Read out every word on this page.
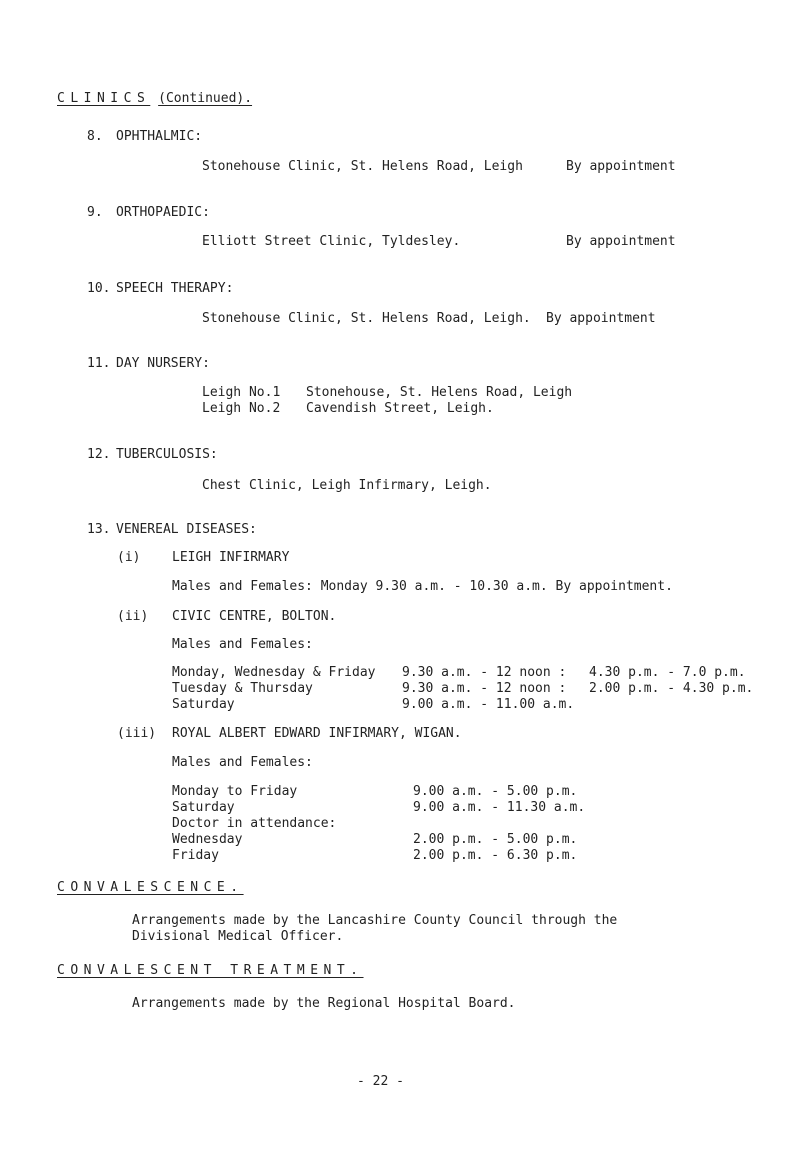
CLINICS (Continued).
8. OPHTHALMIC:
Stonehouse Clinic, St. Helens Road, Leigh	By appointment
9. ORTHOPAEDIC:
Elliott Street Clinic, Tyldesley.	By appointment
10. SPEECH THERAPY:
Stonehouse Clinic, St. Helens Road, Leigh. By appointment
11. DAY NURSERY:
Leigh No.1 Stonehouse, St. Helens Road, Leigh
Leigh No.2 Cavendish Street, Leigh.
12. TUBERCULOSIS:
Chest Clinic, Leigh Infirmary, Leigh.
13. VENEREAL DISEASES:
(i) LEIGH INFIRMARY
Males and Females: Monday 9.30 a.m. - 10.30 a.m. By appointment.
(ii) CIVIC CENTRE, BOLTON.
Males and Females:
Monday, Wednesday & Friday 9.30 a.m. - 12 noon : 4.30 p.m. - 7.0 p.m.
Tuesday & Thursday	9.30 a.m. - 12 noon : 2.00 p.m. - 4.30 p.m.
Saturday	9.00 a.m. - 11.00 a.m.
(iii) ROYAL ALBERT EDWARD INFIRMARY, WIGAN.
Males and Females:
Monday to Friday	9.00 a.m. - 5.00 p.m.
Saturday	9.00 a.m. - 11.30 a.m.
Doctor in attendance:
Wednesday	2.00 p.m. - 5.00 p.m.
Friday	2.00 p.m. - 6.30 p.m.
CONVALESCENCE.
Arrangements made by the Lancashire County Council through the
Divisional Medical Officer.
CONVALESCENT TREATMENT.
Arrangements made by the Regional Hospital Board.
- 22 -
